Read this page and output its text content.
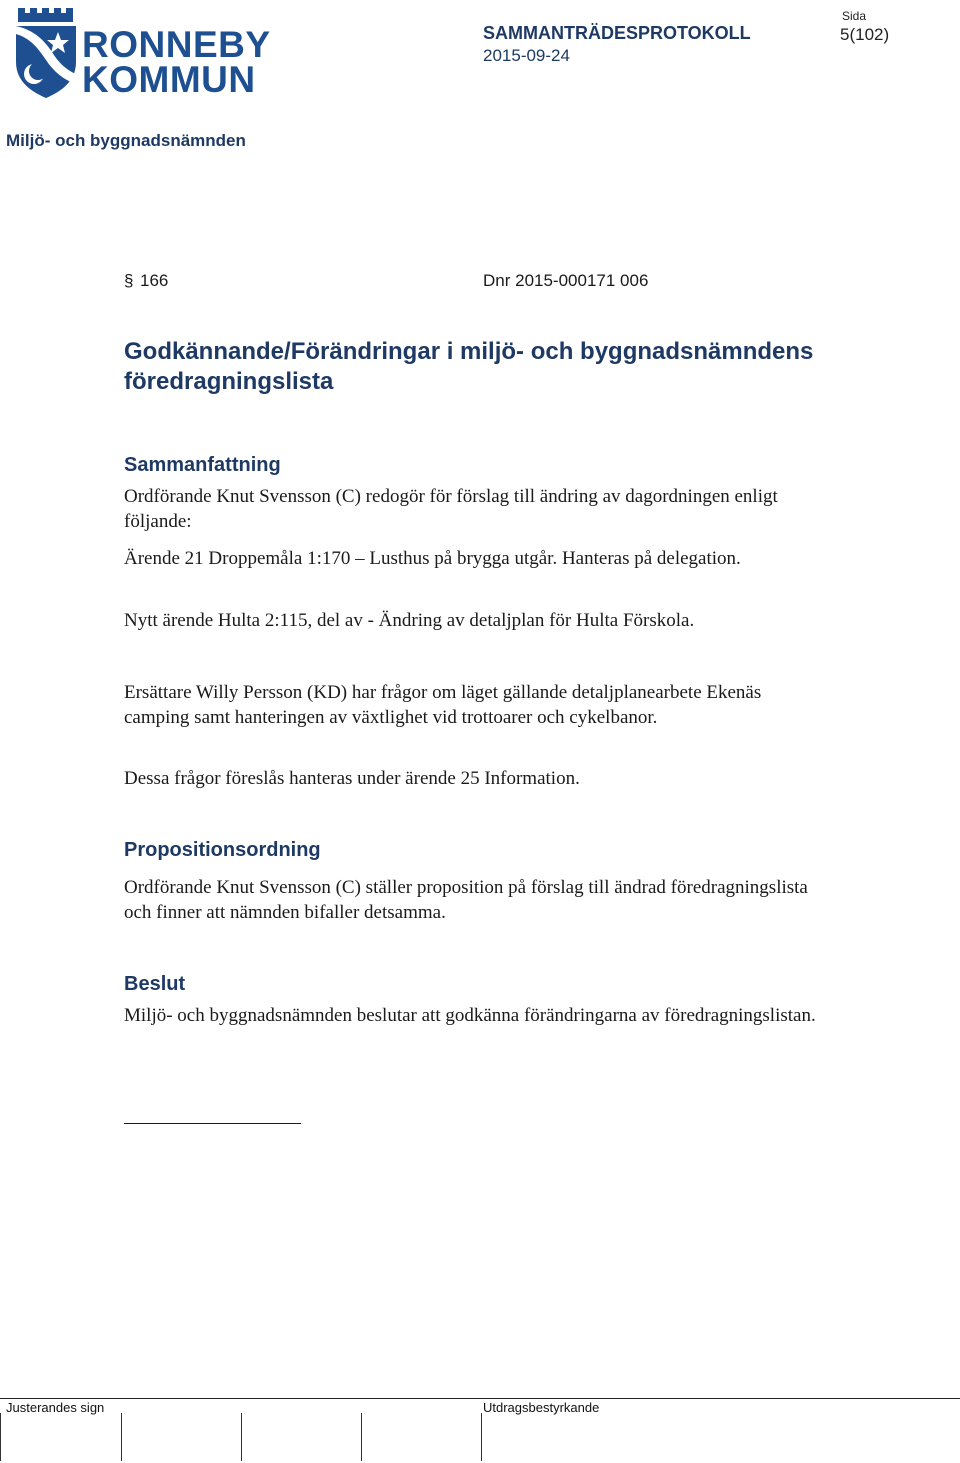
RONNEBY
KOMMUN
SAMMANTRÄDESPROTOKOLL
2015-09-24
Sida
5(102)
Miljö- och byggnadsnämnden
§ 166	Dnr 2015-000171 006
Godkännande/Förändringar i miljö- och byggnadsnämndens föredragningslista
Sammanfattning
Ordförande Knut Svensson (C) redogör för förslag till ändring av dagordningen enligt följande:
Ärende 21 Droppemåla 1:170 – Lusthus på brygga utgår. Hanteras på delegation.
Nytt ärende Hulta 2:115, del av - Ändring av detaljplan för Hulta Förskola.
Ersättare Willy Persson (KD) har frågor om läget gällande detaljplanearbete Ekenäs camping samt hanteringen av växtlighet vid trottoarer och cykelbanor.
Dessa frågor föreslås hanteras under ärende 25 Information.
Propositionsordning
Ordförande Knut Svensson (C) ställer proposition på förslag till ändrad föredragningslista och finner att nämnden bifaller detsamma.
Beslut
Miljö- och byggnadsnämnden beslutar att godkänna förändringarna av föredragningslistan.
Justerandes sign	Utdragsbestyrkande
